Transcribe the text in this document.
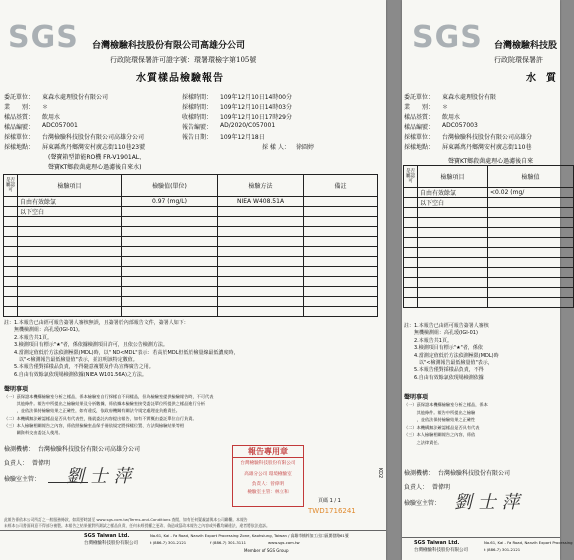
SGS 台灣檢驗科技股份有限公司高雄分公司
行政院環保署許可證字號：環署環檢字第105號
水質樣品檢驗報告
委託單位： 東森水處理股份有限公司
業　　別： ＊
樣品基質： 飲用水
樣品編號： ADC057001
採樣單位： 台灣檢驗科技股份有限公司高雄分公司
採樣地點： 屏東縣萬丹鄉灣安村廣志街110巷23號
(聲寶箱型節能RO機 FR-V1901AL、
聲寶KT鄉殺菌處理心過濾後自來水)
採樣時間： 109年12月10日14時00分
採樣時間： 109年12月10日14時03分
收樣時間： 109年12月10日17時29分
報告編號： AD/2020/C057001
報告日期： 109年12月18日
採 樣 人： 徐圓婷
是否屬認可	檢驗項目	檢驗值(單位)	檢驗方法	備註
	自由有效餘氯	0.97 (mg/L)	NIEA W408.51A	
	以下空白			

註：1.本報告已由經可報告簽署人審核無誤，且簽署於內部報告文件，簽署人如下：
　　無機檢測組：高孔瑗(IGI-01)。
　　2.本報告共1頁。
　　3.檢測項目有標示"★"者，係依據檢測項目許可，且依公告檢測方法。
　　4.當測定值低於方法偵測極限(MDL)時，以" ND<MDL"表示：若高於MDL但低於檢量線最低濃度時，
　　　以"<檢測報告最低檢量值"表示，並註明該特定數值。
　　5.本報告僅對採樣品負責，不得隨意複製及作為宣傳廣告之用。
　　6.自由有效餘氯依現場檢測依據(NIEA W101.56A)之方法。
聲明事項
（一）茲保證本機構檢驗室分析之樣品，係本檢驗室自行採樣自不同樣品，但為檢驗室提供檢驗報告時，不可代表
　　　其他條件。報告中所提出之檢驗結果及分析數據，係依據本檢驗室接受委託單位所提供之樣品進行分析
　　　，並依法保持檢驗結果之正確性，如有違反，依政府機關有關法令規定處理並負擔責任。
（二）本機構無法確認樣品是否具有代表性，僅就委託內容提出報告，如有不實概由委託單位自行負責。
（三）本人檢驗相關報告之內容，係依照檢驗室品保手冊依規定將採樣位置、方法與檢驗結果等相
　　　關資料交由委託人使用。
檢測機構： 台灣檢驗科技股份有限公司高雄分公司
負責人： 曾偉明
檢驗室主管： 劉 士 萍
報告專用章
台灣檢驗科技股份有限公司
高雄分公司 環境檢驗室
負責人：曾偉明
檢驗室主管：林立和
頁碼 1 / 1
TWD1716241
KD2
此報告係依本公司所訂之一般服務條款，如需要時請至 www.sgs.com.tw/Terms-and-Conditions 查閱，如有任何疑義請與本公司聯繫。本報告
未經本公司書面同意不得部分複製。本報告之結果僅對所測試之樣品負責，任何未經授權之更改、偽造或篡改本報告之內容或外觀均屬違法，違者將依法追訴。
SGS Taiwan Ltd.
台灣檢驗科技股份有限公司
No.61, Kai - Fa Road, Nanzih Export Processing Zone, Kaohsiung, Taiwan / 高雄市楠梓加工出口區開發路61號
t (886-7) 301-2121	f (886-7) 301-3111	www.sgs.com.tw
Member of SGS Group
SGS 台灣檢驗科技股
行政院環保署許
水　質
委託單位： 東森水處理股份有限
業　　別： ＊
樣品基質： 飲用水
樣品編號： ADC057003
採樣單位： 台灣檢驗科技股份有限公司高雄分
採樣地點： 屏東縣萬丹鄉灣安村廣志街110巷
聲寶KT鄉殺菌處理心過濾後自來
是否屬認可	檢驗項目	檢驗值
	自由有效餘氯	<0.02 (mg/
	以下空白	

註：1.本報告已由經可報告簽署人審核
　　無機檢測組：高孔瑗(IGI-01)
　　2.本報告共1頁。
　　3.檢測項目有標示"★"者，係依
　　4.當測定值低於方法偵測極限(MDL)時
　　　以"<檢測報告最低檢量值"表示，
　　5.本報告僅對採樣品負責，不得
　　6.自由有效餘氯依現場檢測依據
聲明事項
（一）茲保證本機構檢驗室分析之樣品，係本
　　　其他條件。報告中所提出之檢驗
　　　，並依法保持檢驗結果之正確性
（二）本機構無法確認樣品是否具有代表
（三）本人檢驗相關報告之內容，係依
　　　之法律責任。
檢測機構： 台灣檢驗科技股份有限公司
負責人： 曾偉明
檢驗室主管： 劉 士 萍
SGS Taiwan Ltd.
台灣檢驗科技股份有限公司
No.61, Kai - Fa Road, Nanzih Export Processing
t (886-7) 301-2121
